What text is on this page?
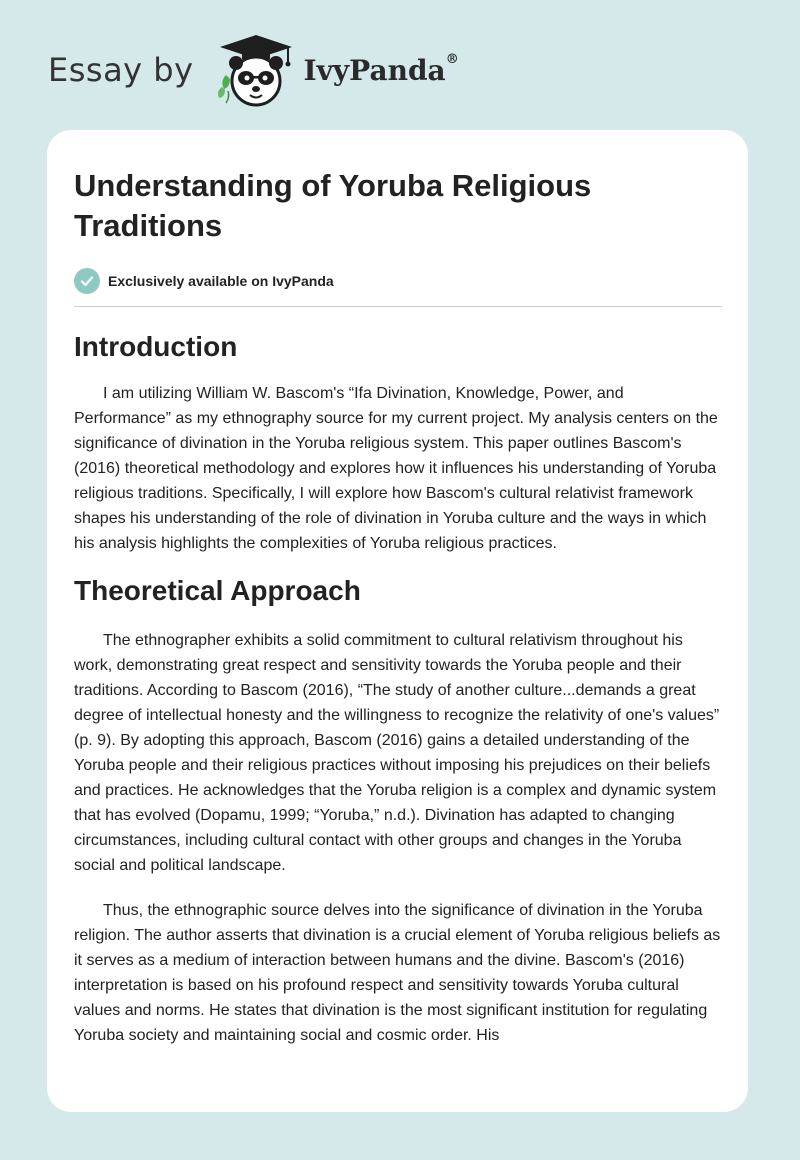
Essay by	IvyPanda®
Understanding of Yoruba Religious Traditions
Exclusively available on IvyPanda
Introduction

I am utilizing William W. Bascom's “Ifa Divination, Knowledge, Power, and Performance” as my ethnography source for my current project. My analysis centers on the significance of divination in the Yoruba religious system. This paper outlines Bascom's (2016) theoretical methodology and explores how it influences his understanding of Yoruba religious traditions. Specifically, I will explore how Bascom's cultural relativist framework shapes his understanding of the role of divination in Yoruba culture and the ways in which his analysis highlights the complexities of Yoruba religious practices.

Theoretical Approach

The ethnographer exhibits a solid commitment to cultural relativism throughout his work, demonstrating great respect and sensitivity towards the Yoruba people and their traditions. According to Bascom (2016), “The study of another culture...demands a great degree of intellectual honesty and the willingness to recognize the relativity of one's values” (p. 9). By adopting this approach, Bascom (2016) gains a detailed understanding of the Yoruba people and their religious practices without imposing his prejudices on their beliefs and practices. He acknowledges that the Yoruba religion is a complex and dynamic system that has evolved (Dopamu, 1999; “Yoruba,” n.d.). Divination has adapted to changing circumstances, including cultural contact with other groups and changes in the Yoruba social and political landscape.

Thus, the ethnographic source delves into the significance of divination in the Yoruba religion. The author asserts that divination is a crucial element of Yoruba religious beliefs as it serves as a medium of interaction between humans and the divine. Bascom's (2016) interpretation is based on his profound respect and sensitivity towards Yoruba cultural values and norms. He states that divination is the most significant institution for regulating Yoruba society and maintaining social and cosmic order. His
